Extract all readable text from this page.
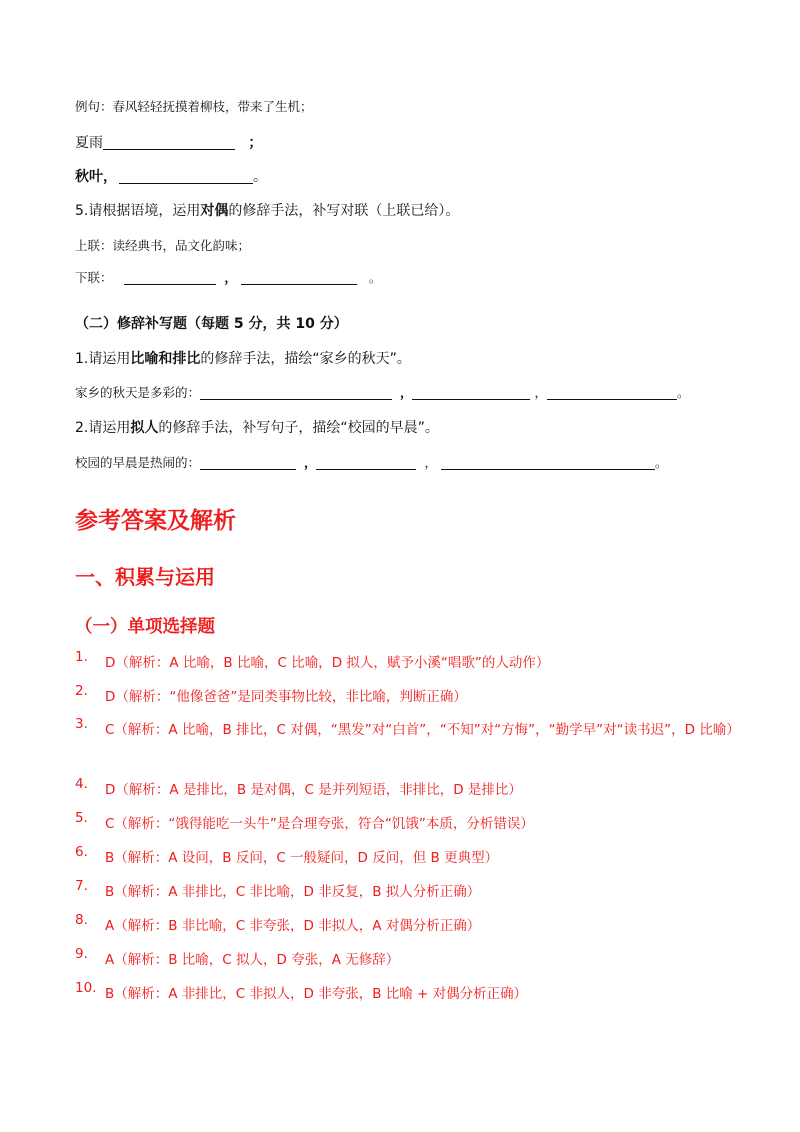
例句：春风轻轻抚摸着柳枝，带来了生机；
夏雨	；
秋叶，	。
5.请根据语境，运用对偶的修辞手法，补写对联（上联已给）。
上联：读经典书，品文化韵味；
下联：	，	。
（二）修辞补写题（每题 5 分，共 10 分）
1.请运用比喻和排比的修辞手法，描绘“家乡的秋天”。
家乡的秋天是多彩的：	，	，	。
2.请运用拟人的修辞手法，补写句子，描绘“校园的早晨”。
校园的早晨是热闹的：	，	，	。
参考答案及解析
一、积累与运用
（一）单项选择题
1. D（解析：A 比喻，B 比喻，C 比喻，D 拟人，赋予小溪“唱歌”的人动作）
2. D（解析：“他像爸爸”是同类事物比较，非比喻，判断正确）
3. C（解析：A 比喻，B 排比，C 对偶，“黑发”对“白首”，“不知”对“方悔”，“勤学早”对“读书迟”，D 比喻）
4. D（解析：A 是排比，B 是对偶，C 是并列短语，非排比，D 是排比）
5. C（解析：“饿得能吃一头牛”是合理夸张，符合“饥饿”本质，分析错误）
6. B（解析：A 设问，B 反问，C 一般疑问，D 反问，但 B 更典型）
7. B（解析：A 非排比，C 非比喻，D 非反复，B 拟人分析正确）
8. A（解析：B 非比喻，C 非夸张，D 非拟人，A 对偶分析正确）
9. A（解析：B 比喻，C 拟人，D 夸张，A 无修辞）
10. B（解析：A 非排比，C 非拟人，D 非夸张，B 比喻 + 对偶分析正确）
